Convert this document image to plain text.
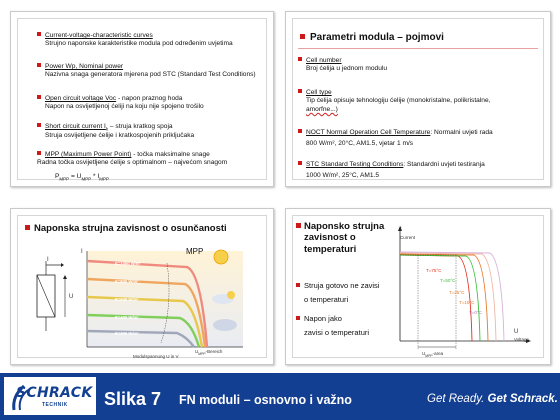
Current-voltage-characteristic curves
Strujno naponske karakteristike modula pod određenim uvjetima
Power Wp, Nominal power
Nazivna snaga generatora mjerena pod STC (Standard Test Conditions)
Open circuit voltage Voc - napon praznog hoda
Napon na osvijetljenoj ćeliji na koju nije spojeno trošilo
Short circuit current $I_k$ – struja kratkog spoja
Struja osvijetljene ćelije i kratkospojenih priključaka
MPP (Maximum Power Point) - točka maksimalne snage
Radna točka osvijetljene ćelije s optimalnom – najvećom snagom
$P_{MPP} = U_{MPP} * I_{MPP}$
Parametri modula – pojmovi
Cell number
Broj ćelija u jednom modulu
Cell type
Tip ćelija opisuje tehnologiju ćelije (monokristalne, polikristalne,
amorfne...)
NOCT Normal Operation Cell Temperature: Normalni uvjeti rada
800 W/m², 20°C, AM1.5, vjetar 1 m/s
STC Standard Testing Conditions: Standardni uvjeti testiranja
1000 W/m², 25°C, AM1.5
Naponska strujna zavisnost o osunčanosti
I
U
I	MPP
E=1000 W/m²
E=800 W/m²
E=600 W/m²
E=400 W/m²
E=200 W/m²
$U_{MPP}$-Bereich
Modulspannung U in V
Naponsko strujna
zavisnost o
temperaturi
Struja gotovo ne zavisi
o temperaturi
Napon jako
zavisi o temperaturi
I
Current
U
Voltage
T=75°C
T=50°C
T=25°C
T=10°C
T=0°C
$U_{MPP}$-area
SCHRACK
TECHNIK Slika 7 FN moduli – osnovno i važno	Get Ready. Get Schrack.
